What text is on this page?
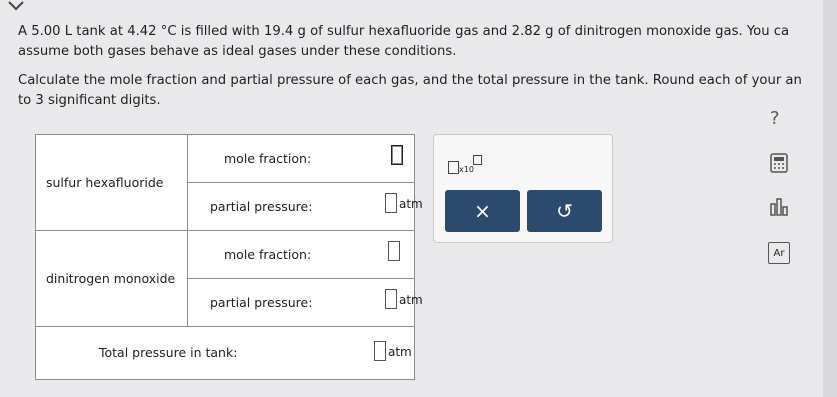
A 5.00 L tank at 4.42 °C is filled with 19.4 g of sulfur hexafluoride gas and 2.82 g of dinitrogen monoxide gas. You ca
assume both gases behave as ideal gases under these conditions.
Calculate the mole fraction and partial pressure of each gas, and the total pressure in the tank. Round each of your an
to 3 significant digits.
?
sulfur hexafluoride	mole fraction:

	partial pressure: atm

dinitrogen monoxide	mole fraction:

	partial pressure: atm

Total pressure in tank: atm	
x10
×	↺
Ar
